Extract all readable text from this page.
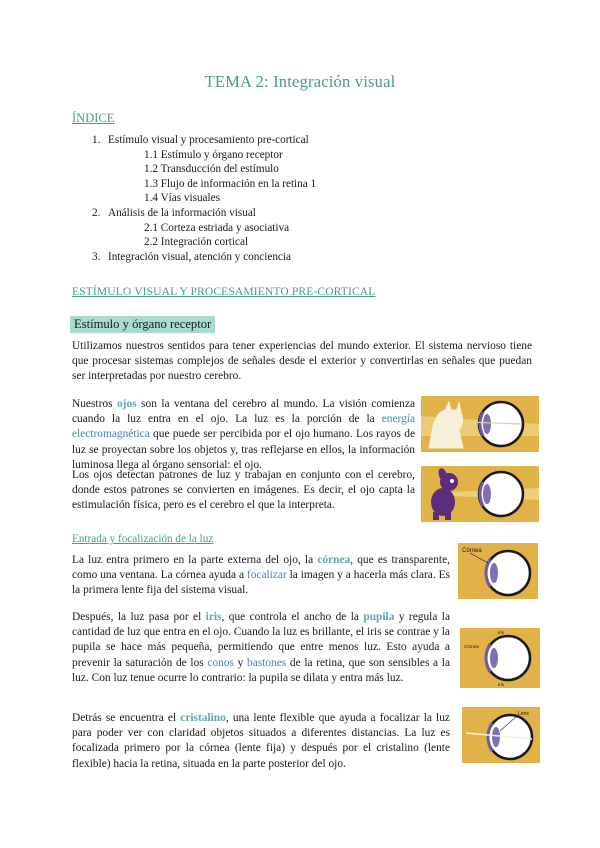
TEMA 2: Integración visual
ÍNDICE
1. Estímulo visual y procesamiento pre-cortical
1.1 Estímulo y órgano receptor
1.2 Transducción del estímulo
1.3 Flujo de información en la retina 1
1.4 Vías visuales
2. Análisis de la información visual
2.1 Corteza estriada y asociativa
2.2 Integración cortical
3. Integración visual, atención y conciencia
ESTÍMULO VISUAL Y PROCESAMIENTO PRE-CORTICAL
Estímulo y órgano receptor
Utilizamos nuestros sentidos para tener experiencias del mundo exterior. El sistema nervioso tiene que procesar sistemas complejos de señales desde el exterior y convertirlas en señales que puedan ser interpretadas por nuestro cerebro.
Nuestros ojos son la ventana del cerebro al mundo. La visión comienza cuando la luz entra en el ojo. La luz es la porción de la energía electromagnética que puede ser percibida por el ojo humano. Los rayos de luz se proyectan sobre los objetos y, tras reflejarse en ellos, la información luminosa llega al órgano sensorial: el ojo.
Los ojos detectan patrones de luz y trabajan en conjunto con el cerebro, donde estos patrones se convierten en imágenes. Es decir, el ojo capta la estimulación física, pero es el cerebro el que la interpreta.
Entrada y focalización de la luz
La luz entra primero en la parte externa del ojo, la córnea, que es transparente, como una ventana. La córnea ayuda a focalizar la imagen y a hacerla más clara. Es la primera lente fija del sistema visual.
Después, la luz pasa por el iris, que controla el ancho de la pupila y regula la cantidad de luz que entra en el ojo. Cuando la luz es brillante, el iris se contrae y la pupila se hace más pequeña, permitiendo que entre menos luz. Esto ayuda a prevenir la saturación de los conos y bastones de la retina, que son sensibles a la luz. Con luz tenue ocurre lo contrario: la pupila se dilata y entra más luz.
Detrás se encuentra el cristalino, una lente flexible que ayuda a focalizar la luz para poder ver con claridad objetos situados a diferentes distancias. La luz es focalizada primero por la córnea (lente fija) y después por el cristalino (lente flexible) hacia la retina, situada en la parte posterior del ojo.
Córnea
Iris
Córnea
Iris
Lens
